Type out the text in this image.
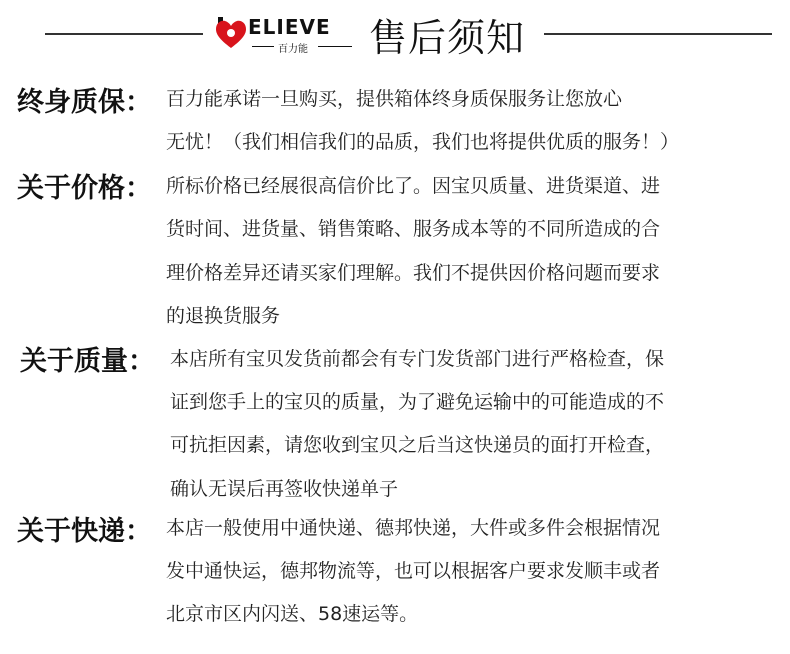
ELIEVE
百力能 售后须知
终身质保： 百力能承诺一旦购买，提供箱体终身质保服务让您放心
无忧！（我们相信我们的品质，我们也将提供优质的服务！）
关于价格： 所标价格已经展很高信价比了。因宝贝质量、进货渠道、进
货时间、进货量、销售策略、服务成本等的不同所造成的合
理价格差异还请买家们理解。我们不提供因价格问题而要求
的退换货服务
关于质量： 本店所有宝贝发货前都会有专门发货部门进行严格检查，保
证到您手上的宝贝的质量，为了避免运输中的可能造成的不
可抗拒因素，请您收到宝贝之后当这快递员的面打开检查，
确认无误后再签收快递单子
关于快递： 本店一般使用中通快递、德邦快递，大件或多件会根据情况
发中通快运，德邦物流等，也可以根据客户要求发顺丰或者
北京市区内闪送、58速运等。
